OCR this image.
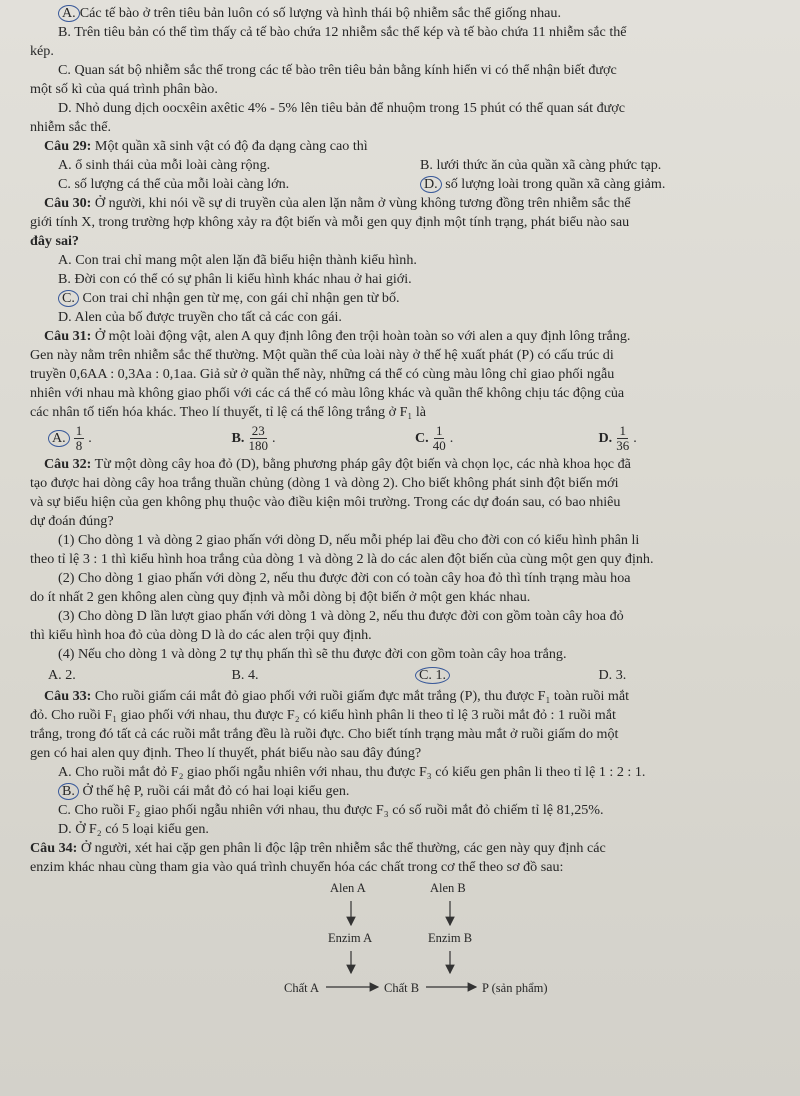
A. Các tế bào ở trên tiêu bản luôn có số lượng và hình thái bộ nhiễm sắc thể giống nhau.
B. Trên tiêu bản có thể tìm thấy cả tế bào chứa 12 nhiễm sắc thể kép và tế bào chứa 11 nhiễm sắc thể
kép.
C. Quan sát bộ nhiễm sắc thể trong các tế bào trên tiêu bản bằng kính hiển vi có thể nhận biết được
một số kì của quá trình phân bào.
D. Nhỏ dung dịch oocxêin axêtic 4% - 5% lên tiêu bản để nhuộm trong 15 phút có thể quan sát được
nhiễm sắc thể.
Câu 29: Một quần xã sinh vật có độ đa dạng càng cao thì
A. ổ sinh thái của mỗi loài càng rộng.	B. lưới thức ăn của quần xã càng phức tạp.
C. số lượng cá thể của mỗi loài càng lớn.	D. số lượng loài trong quần xã càng giảm.
Câu 30: Ở người, khi nói về sự di truyền của alen lặn nằm ở vùng không tương đồng trên nhiễm sắc thể
giới tính X, trong trường hợp không xảy ra đột biến và mỗi gen quy định một tính trạng, phát biểu nào sau
đây sai?
A. Con trai chỉ mang một alen lặn đã biểu hiện thành kiểu hình.
B. Đời con có thể có sự phân li kiểu hình khác nhau ở hai giới.
C. Con trai chỉ nhận gen từ mẹ, con gái chỉ nhận gen từ bố.
D. Alen của bố được truyền cho tất cả các con gái.
Câu 31: Ở một loài động vật, alen A quy định lông đen trội hoàn toàn so với alen a quy định lông trắng.
Gen này nằm trên nhiễm sắc thể thường. Một quần thể của loài này ở thế hệ xuất phát (P) có cấu trúc di
truyền 0,6AA : 0,3Aa : 0,1aa. Giả sử ở quần thể này, những cá thể có cùng màu lông chỉ giao phối ngẫu
nhiên với nhau mà không giao phối với các cá thể có màu lông khác và quần thể không chịu tác động của
các nhân tố tiến hóa khác. Theo lí thuyết, tỉ lệ cá thể lông trắng ở F₁ là
A. $\frac{1}{8}$ .	B. $\frac{23}{180}$ .	C. $\frac{1}{40}$ .	D. $\frac{1}{36}$ .
Câu 32: Từ một dòng cây hoa đỏ (D), bằng phương pháp gây đột biến và chọn lọc, các nhà khoa học đã
tạo được hai dòng cây hoa trắng thuần chủng (dòng 1 và dòng 2). Cho biết không phát sinh đột biến mới
và sự biểu hiện của gen không phụ thuộc vào điều kiện môi trường. Trong các dự đoán sau, có bao nhiêu
dự đoán đúng?
(1) Cho dòng 1 và dòng 2 giao phấn với dòng D, nếu mỗi phép lai đều cho đời con có kiểu hình phân li
theo tỉ lệ 3 : 1 thì kiểu hình hoa trắng của dòng 1 và dòng 2 là do các alen đột biến của cùng một gen quy định.
(2) Cho dòng 1 giao phấn với dòng 2, nếu thu được đời con có toàn cây hoa đỏ thì tính trạng màu hoa
do ít nhất 2 gen không alen cùng quy định và mỗi dòng bị đột biến ở một gen khác nhau.
(3) Cho dòng D lần lượt giao phấn với dòng 1 và dòng 2, nếu thu được đời con gồm toàn cây hoa đỏ
thì kiểu hình hoa đỏ của dòng D là do các alen trội quy định.
(4) Nếu cho dòng 1 và dòng 2 tự thụ phấn thì sẽ thu được đời con gồm toàn cây hoa trắng.
A. 2.	B. 4.	C. 1.	D. 3.
Câu 33: Cho ruồi giấm cái mắt đỏ giao phối với ruồi giấm đực mắt trắng (P), thu được F₁ toàn ruồi mắt
đỏ. Cho ruồi F₁ giao phối với nhau, thu được F₂ có kiểu hình phân li theo tỉ lệ 3 ruồi mắt đỏ : 1 ruồi mắt
trắng, trong đó tất cả các ruồi mắt trắng đều là ruồi đực. Cho biết tính trạng màu mắt ở ruồi giấm do một
gen có hai alen quy định. Theo lí thuyết, phát biểu nào sau đây đúng?
A. Cho ruồi mắt đỏ F₂ giao phối ngẫu nhiên với nhau, thu được F₃ có kiểu gen phân li theo tỉ lệ 1 : 2 : 1.
B. Ở thế hệ P, ruồi cái mắt đỏ có hai loại kiểu gen.
C. Cho ruồi F₂ giao phối ngẫu nhiên với nhau, thu được F₃ có số ruồi mắt đỏ chiếm tỉ lệ 81,25%.
D. Ở F₂ có 5 loại kiểu gen.
Câu 34: Ở người, xét hai cặp gen phân li độc lập trên nhiễm sắc thể thường, các gen này quy định các
enzim khác nhau cùng tham gia vào quá trình chuyển hóa các chất trong cơ thể theo sơ đồ sau:
Alen A	Alen B
Enzim A	Enzim B
Chất A	Chất B	P (sản phẩm)
